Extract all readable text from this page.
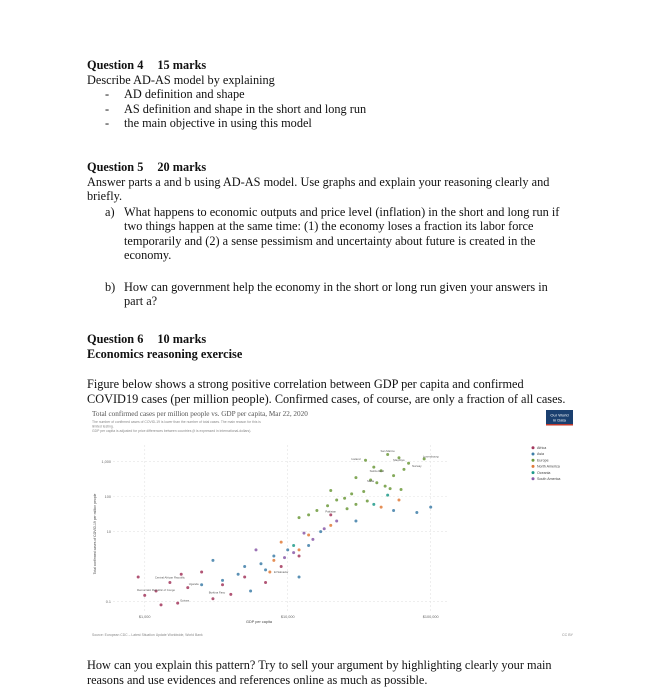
Question 4 15 marks
Describe AD-AS model by explaining
- AD definition and shape
- AS definition and shape in the short and long run
- the main objective in using this model
Question 5 20 marks
Answer parts a and b using AD-AS model. Use graphs and explain your reasoning clearly and
briefly.
a) What happens to economic outputs and price level (inflation) in the short and long run if
two things happen at the same time: (1) the economy loses a fraction its labor force
temporarily and (2) a sense pessimism and uncertainty about future is created in the
economy.
b) How can government help the economy in the short or long run given your answers in
part a?
Question 6 10 marks
Economics reasoning exercise
Figure below shows a strong positive correlation between GDP per capita and confirmed
COVID19 cases (per million people). Confirmed cases, of course, are only a fraction of all cases.
Total confirmed cases per million people vs. GDP per capita, Mar 22, 2020
The number of confirmed cases of COVID-19 is lower than the number of total cases. The main reason for this is
limited testing.
GDP per capita is adjusted for price differences between countries (it is expressed in international-dollars).
Our World
in Data
0.1
10
100
1,000
$1,000	$10,000	$100,000
San Marino
Mauritius
Pakistan
Central African Republic
Democratic Republic of Congo
Uganda
Burkina Faso
Guinea
El Salvador
Norway
Luxembourg
Switzerland
Iceland
Malta
Africa
Asia
Europe
North America
Oceania
South America
GDP per capita
Total confirmed cases of COVID-19 per million people
Source: European CDC – Latest Situation Update Worldwide, World Bank	CC BY
How can you explain this pattern? Try to sell your argument by highlighting clearly your main
reasons and use evidences and references online as much as possible.
